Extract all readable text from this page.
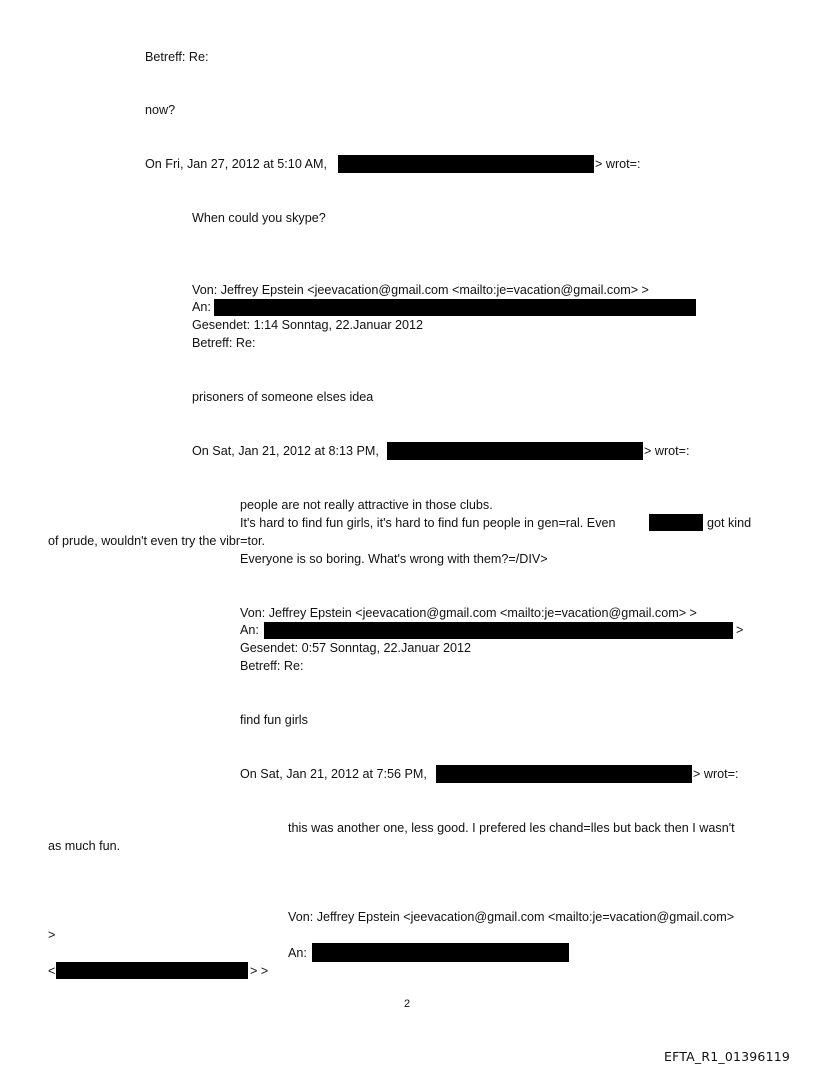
Betreff: Re:
now?
On Fri, Jan 27, 2012 at 5:10 AM,	> wrot=:
When could you skype?
Von: Jeffrey Epstein <jeevacation@gmail.com <mailto:je=vacation@gmail.com> >
An:
Gesendet: 1:14 Sonntag, 22.Januar 2012
Betreff: Re:
prisoners of someone elses idea
On Sat, Jan 21, 2012 at 8:13 PM,	> wrot=:
people are not really attractive in those clubs.
It's hard to find fun girls, it's hard to find fun people in gen=ral. Even	got kind
of prude, wouldn't even try the vibr=tor.
Everyone is so boring. What's wrong with them?=/DIV>
Von: Jeffrey Epstein <jeevacation@gmail.com <mailto:je=vacation@gmail.com> >
An:	>
Gesendet: 0:57 Sonntag, 22.Januar 2012
Betreff: Re:
find fun girls
On Sat, Jan 21, 2012 at 7:56 PM,	> wrot=:
this was another one, less good. I prefered les chand=lles but back then I wasn't
as much fun.
Von: Jeffrey Epstein <jeevacation@gmail.com <mailto:je=vacation@gmail.com>
>
An:
<	> >
2
EFTA_R1_01396119
